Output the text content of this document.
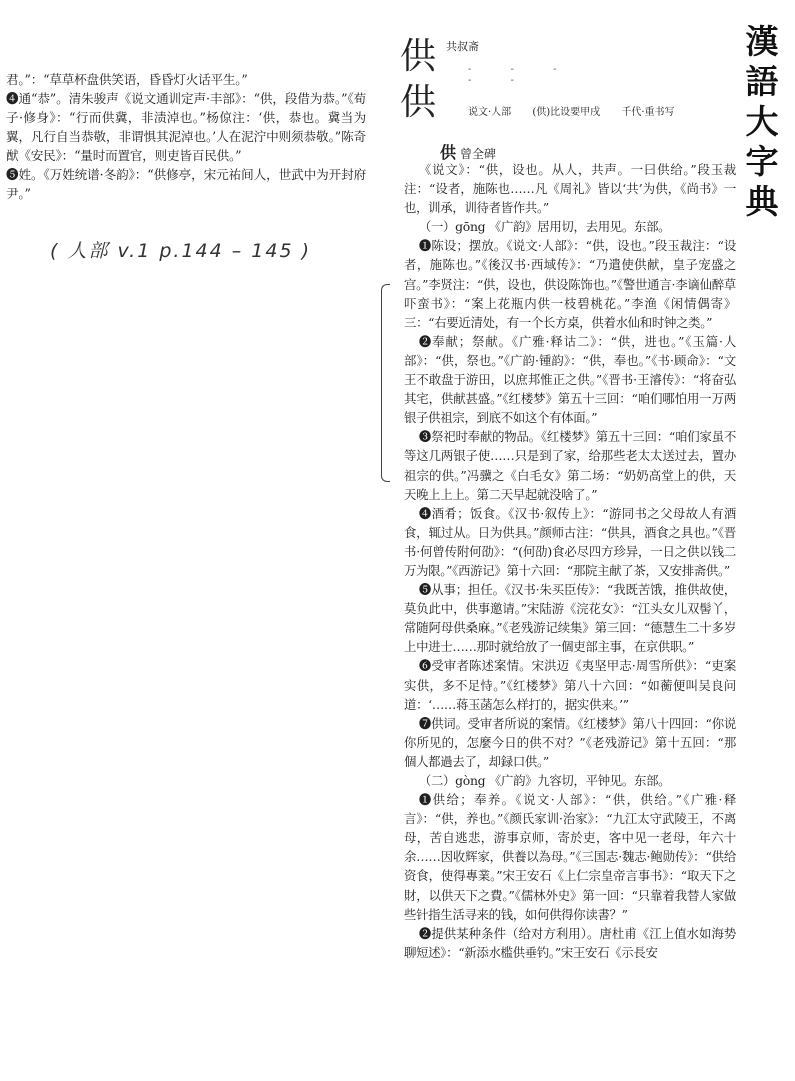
漢
語
大
字
典

君。”：“草草杯盘供笑语，昏昏灯火话平生。”

❹通“恭”。清朱骏声《说文通训定声·丰部》：“供，段借为恭。”《荀子·修身》：“行而供冀，非渍淖也。”杨倞注：‘供，恭也。冀当为翼，凡行自当恭敬，非谓惧其泥淖也。’人在泥泞中则须恭敬。”陈奇猷《安民》：“量时而置官，则吏皆百民供。”

❺姓。《万姓统谱·冬韵》：“供修亭，宋元祐间人，世武中为开封府尹。”

( 人部 v.1 p.144 – 145 )
供
供
共叔斋
‐ ‐ ‐ ‐ ‐
说文·人部 (供)比设要甲戌 千代·重书写
供 曾全碑

《说文》：“供，设也。从人，共声。一曰供给。”段玉裁注：“设者，施陈也……凡《周礼》皆以‘共’为供，《尚书》一也，训承，训待者皆作共。”

（一）gōng 《广韵》居用切，去用见。东部。

❶陈设；摆放。《说文·人部》：“供，设也。”段玉裁注：“设者，施陈也。”《後汉书·西域传》：“乃遣使供献，皇子宠盛之宫。”李贤注：“供，设也，供设陈饰也。”《警世通言·李谪仙醉草吓蛮书》：“案上花瓶内供一枝碧桃花。”李渔《闲情偶寄》三：“右要近清处，有一个长方桌，供着水仙和时钟之类。”

❷奉献；祭献。《广雅·释诂二》：“供，进也。”《玉篇·人部》：“供，祭也。”《广韵·锺韵》：“供，奉也。”《书·顾命》：“文王不敢盘于游田，以庶邦惟正之供。”《晋书·王濬传》：“将奋弘其宅，供献甚盛。”《红楼梦》第五十三回：“咱们哪怕用一万两银子供祖宗，到底不如这个有体面。”

❸祭祀时奉献的物品。《红楼梦》第五十三回：“咱们家虽不等这几两银子使……只是到了家，给那些老太太送过去，置办祖宗的供。”冯骥之《白毛女》第二场：“奶奶高堂上的供，天天晚上上上。第二天早起就没啥了。”

❹酒肴；饭食。《汉书·叙传上》：“游同书之父母故人有酒食，辄过从。日为供具。”颜师古注：“供具，酒食之具也。”《晋书·何曾传附何劭》：“(何劭)食必尽四方珍异，一日之供以钱二万为限。”《西游记》第十六回：“那院主献了茶，又安排斋供。”

❺从事；担任。《汉书·朱买臣传》：“我既苦饿，推供故使，莫负此中，供事邀请。”宋陆游《浣花女》：“江头女儿双髻丫，常随阿母供桑麻。”《老残游记续集》第三回：“德慧生二十多岁上中进士……那时就给放了一個吏部主事，在京供职。”

❻受审者陈述案情。宋洪迈《夷坚甲志·周雪所供》：“吏案实供，多不足恃。”《红楼梦》第八十六回：“如蘅便叫吴良问道：‘……蒋玉菡怎么样打的，据实供来。’”

❼供词。受审者所说的案情。《红楼梦》第八十四回：“你说你所见的，怎麼今日的供不对？”《老残游记》第十五回：“那個人都過去了，却録口供。”

（二）gòng 《广韵》九容切，平钟见。东部。

❶供给；奉养。《说文·人部》：“供，供给。”《广雅·释言》：“供，养也。”《颜氏家训·治家》：“九江太守武陵王，不离母，苦自逃悲，游事京师，寄於吏，客中见一老母，年六十余……因收辉家，供養以為母。”《三国志·魏志·鲍勋传》：“供给资食，使得專業。”宋王安石《上仁宗皇帝言事书》：“取天下之財，以供天下之費。”《儒林外史》第一回：“只靠着我替人家做些针指生活寻来的钱，如何供得你读書？”

❷提供某种条件（给对方利用）。唐杜甫《江上值水如海势聊短述》：“新添水槛供垂钓。”宋王安石《示長安
